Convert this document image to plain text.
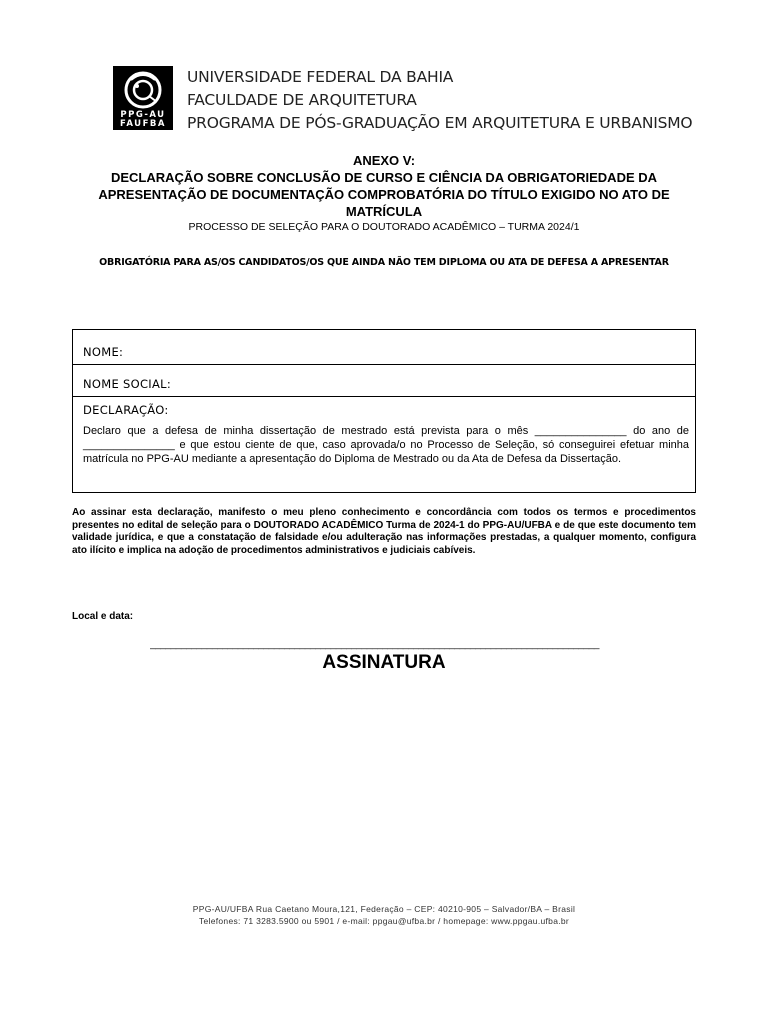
PPG-AU
FAUFBA
UNIVERSIDADE FEDERAL DA BAHIA
FACULDADE DE ARQUITETURA
PROGRAMA DE PÓS-GRADUAÇÃO EM ARQUITETURA E URBANISMO
ANEXO V:
DECLARAÇÃO SOBRE CONCLUSÃO DE CURSO E CIÊNCIA DA OBRIGATORIEDADE DA APRESENTAÇÃO DE DOCUMENTAÇÃO COMPROBATÓRIA DO TÍTULO EXIGIDO NO ATO DE MATRÍCULA
PROCESSO DE SELEÇÃO PARA O DOUTORADO ACADÊMICO – TURMA 2024/1
OBRIGATÓRIA PARA AS/OS CANDIDATOS/OS QUE AINDA NÃO TEM DIPLOMA OU ATA DE DEFESA A APRESENTAR
NOME:
NOME SOCIAL:
DECLARAÇÃO:
Declaro que a defesa de minha dissertação de mestrado está prevista para o mês _______________ do ano de _______________ e que estou ciente de que, caso aprovada/o no Processo de Seleção, só conseguirei efetuar minha matrícula no PPG-AU mediante a apresentação do Diploma de Mestrado ou da Ata de Defesa da Dissertação.
Ao assinar esta declaração, manifesto o meu pleno conhecimento e concordância com todos os termos e procedimentos presentes no edital de seleção para o DOUTORADO ACADÊMICO Turma de 2024-1 do PPG-AU/UFBA e de que este documento tem validade jurídica, e que a constatação de falsidade e/ou adulteração nas informações prestadas, a qualquer momento, configura ato ilícito e implica na adoção de procedimentos administrativos e judiciais cabíveis.
Local e data:
_______________________________________________________________________________________
ASSINATURA
PPG-AU/UFBA Rua Caetano Moura,121, Federação – CEP: 40210-905 – Salvador/BA – Brasil
Telefones: 71 3283.5900 ou 5901 / e-mail: ppgau@ufba.br / homepage: www.ppgau.ufba.br
